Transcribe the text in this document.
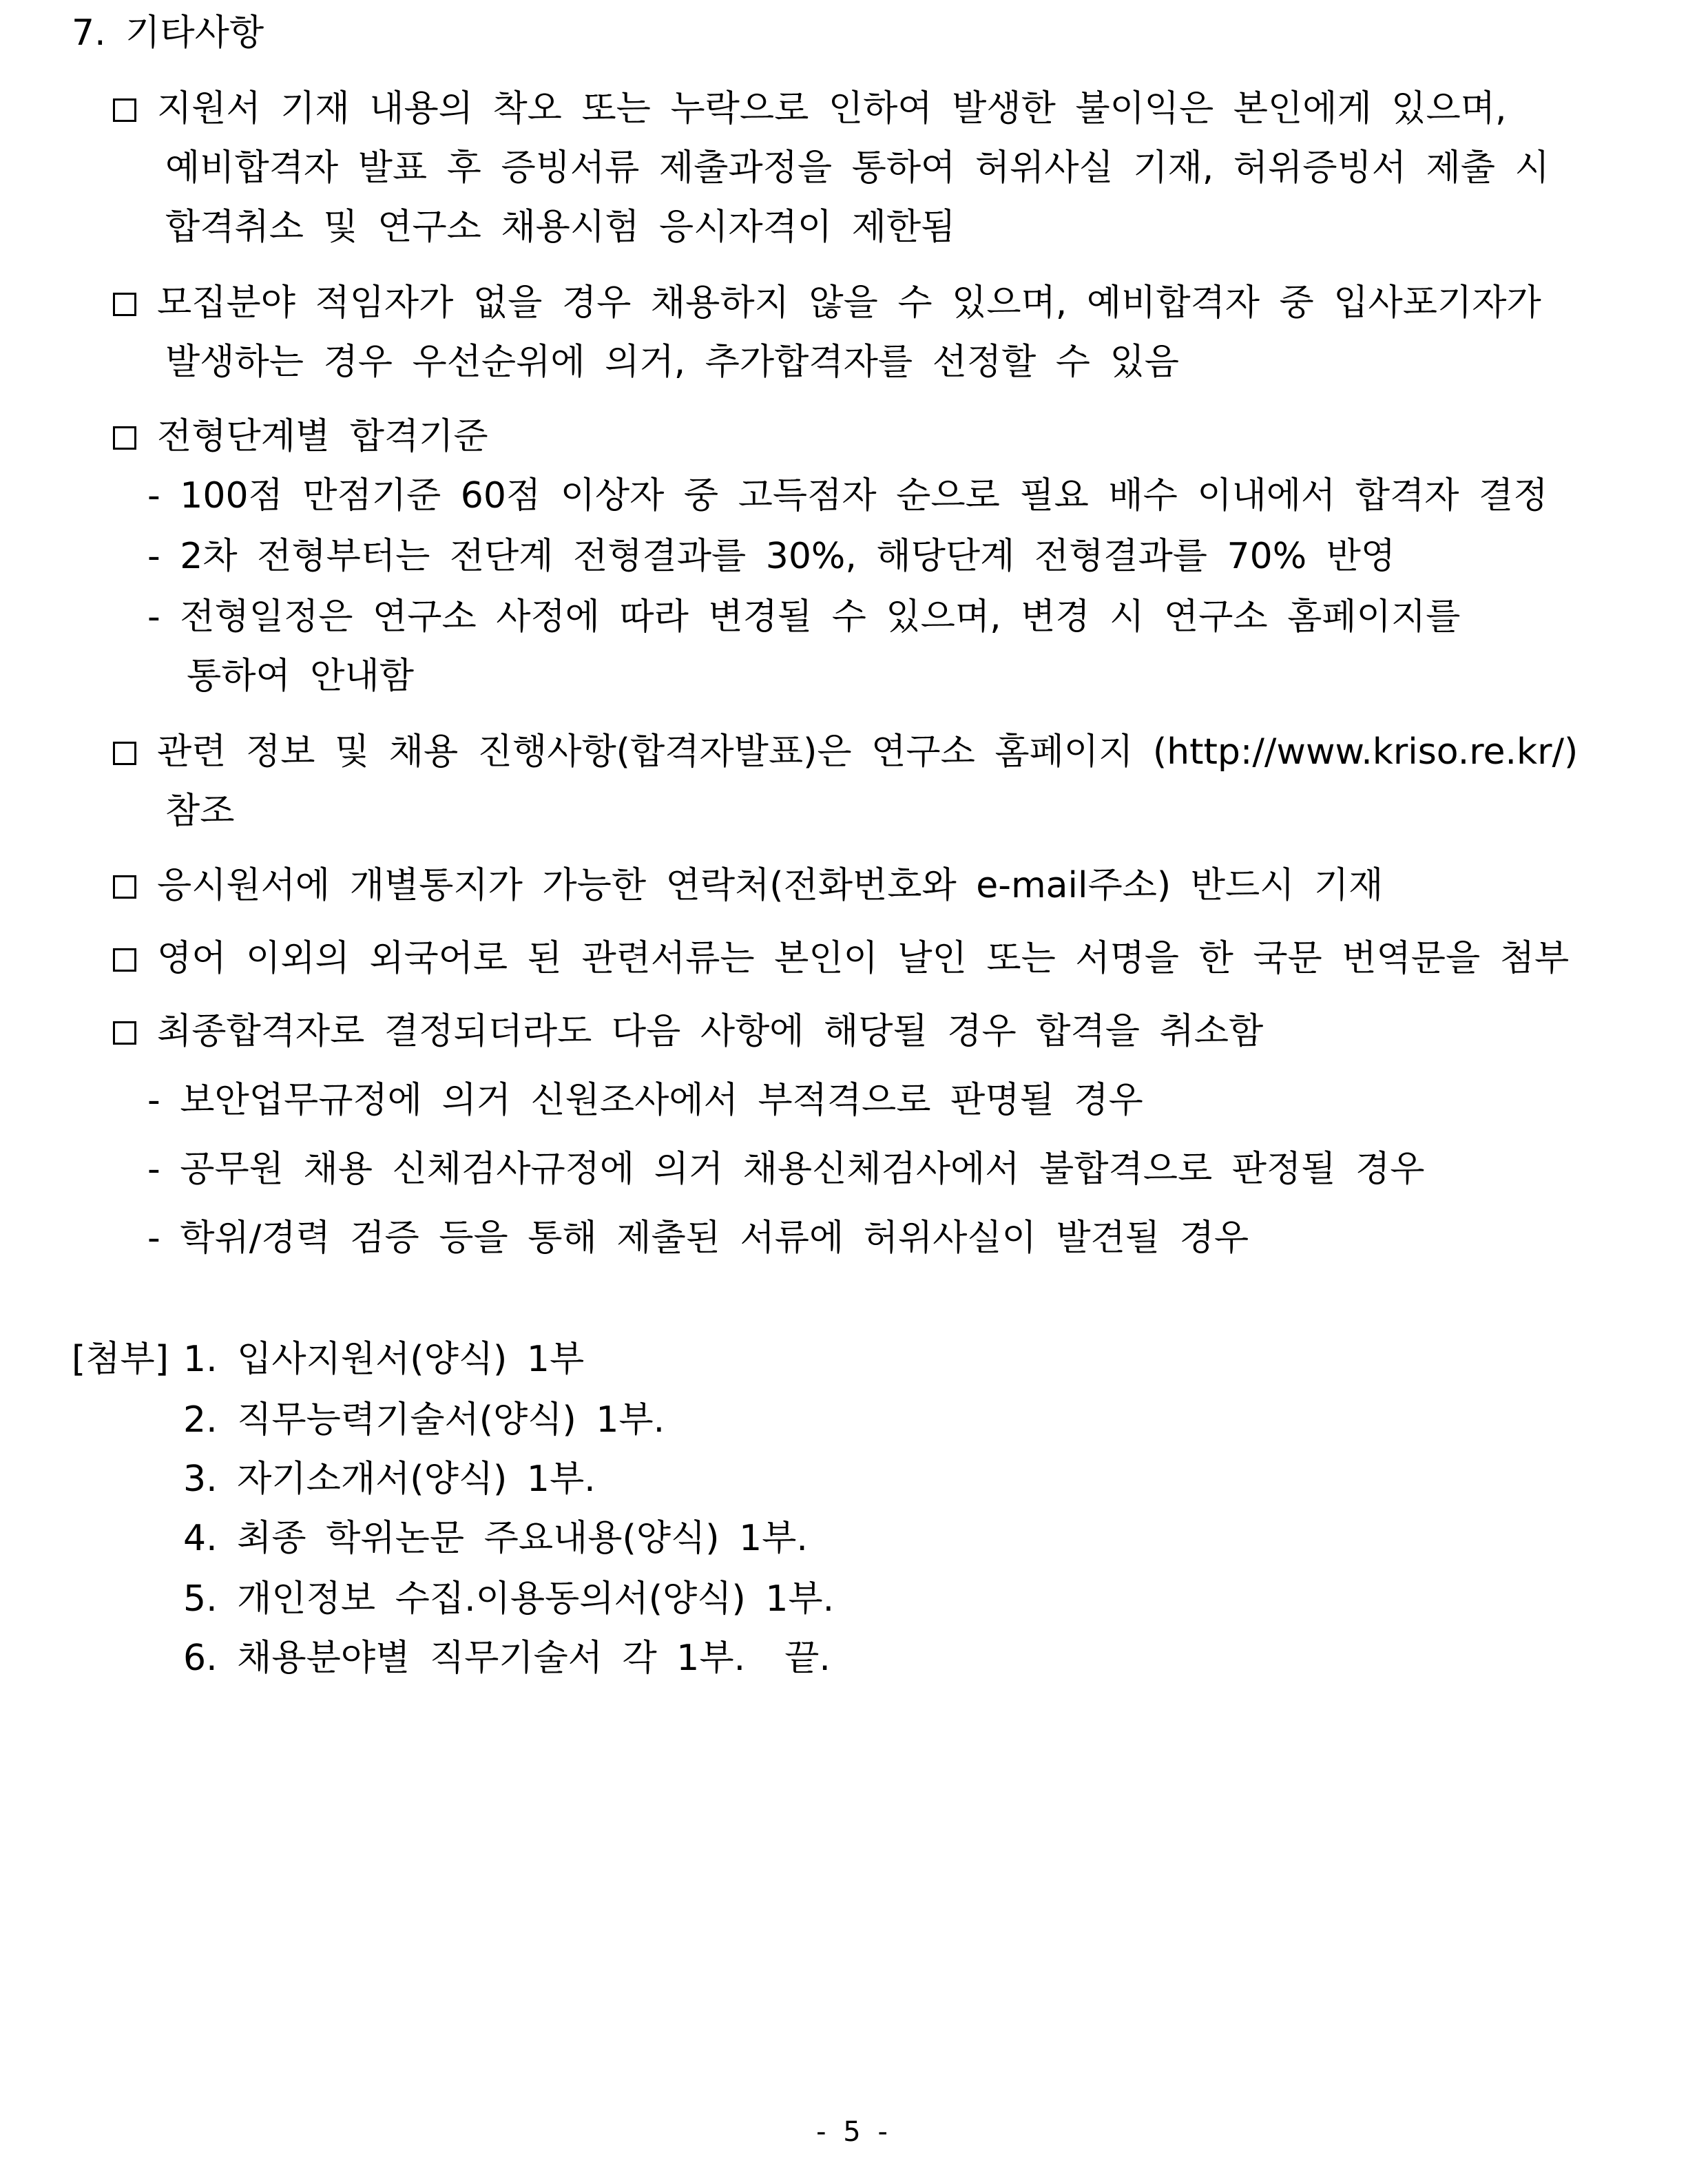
7. 기타사항
지원서 기재 내용의 착오 또는 누락으로 인하여 발생한 불이익은 본인에게 있으며,
예비합격자 발표 후 증빙서류 제출과정을 통하여 허위사실 기재, 허위증빙서 제출 시
합격취소 및 연구소 채용시험 응시자격이 제한됨
모집분야 적임자가 없을 경우 채용하지 않을 수 있으며, 예비합격자 중 입사포기자가
발생하는 경우 우선순위에 의거, 추가합격자를 선정할 수 있음
전형단계별 합격기준
- 100점 만점기준 60점 이상자 중 고득점자 순으로 필요 배수 이내에서 합격자 결정
- 2차 전형부터는 전단계 전형결과를 30%, 해당단계 전형결과를 70% 반영
- 전형일정은 연구소 사정에 따라 변경될 수 있으며, 변경 시 연구소 홈페이지를
통하여 안내함
관련 정보 및 채용 진행사항(합격자발표)은 연구소 홈페이지 (http://www.kriso.re.kr/)
참조
응시원서에 개별통지가 가능한 연락처(전화번호와 e-mail주소) 반드시 기재
영어 이외의 외국어로 된 관련서류는 본인이 날인 또는 서명을 한 국문 번역문을 첨부
최종합격자로 결정되더라도 다음 사항에 해당될 경우 합격을 취소함
- 보안업무규정에 의거 신원조사에서 부적격으로 판명될 경우
- 공무원 채용 신체검사규정에 의거 채용신체검사에서 불합격으로 판정될 경우
- 학위/경력 검증 등을 통해 제출된 서류에 허위사실이 발견될 경우
[첨부] 1. 입사지원서(양식) 1부
2. 직무능력기술서(양식) 1부.
3. 자기소개서(양식) 1부.
4. 최종 학위논문 주요내용(양식) 1부.
5. 개인정보 수집.이용동의서(양식) 1부.
6. 채용분야별 직무기술서 각 1부.  끝.
- 5 -
